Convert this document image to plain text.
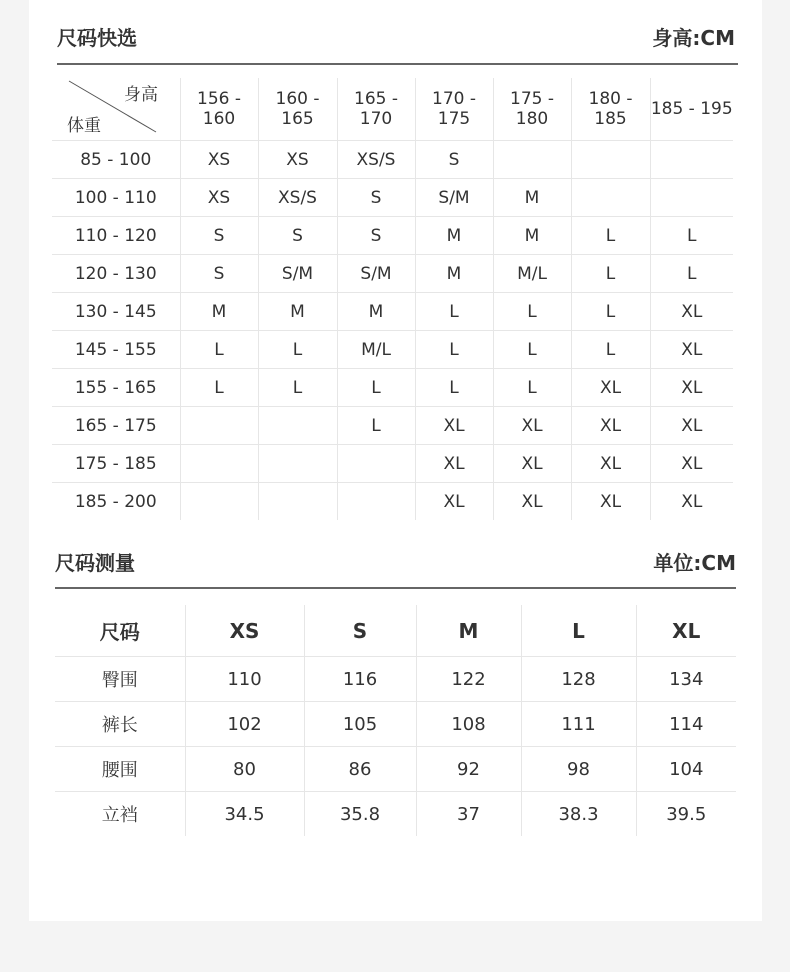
尺码快选	身高:CM
身高
体重	156 - 160	160 - 165	165 - 170	170 - 175	175 - 180	180 - 185	185 - 195
85 - 100	XS	XS	XS/S	S			
100 - 110	XS	XS/S	S	S/M	M		
110 - 120	S	S	S	M	M	L	L
120 - 130	S	S/M	S/M	M	M/L	L	L
130 - 145	M	M	M	L	L	L	XL
145 - 155	L	L	M/L	L	L	L	XL
155 - 165	L	L	L	L	L	XL	XL
165 - 175			L	XL	XL	XL	XL
175 - 185				XL	XL	XL	XL
185 - 200				XL	XL	XL	XL
尺码测量	单位:CM
尺码	XS	S	M	L	XL
臀围	110	116	122	128	134
裤长	102	105	108	111	114
腰围	80	86	92	98	104
立裆	34.5	35.8	37	38.3	39.5
